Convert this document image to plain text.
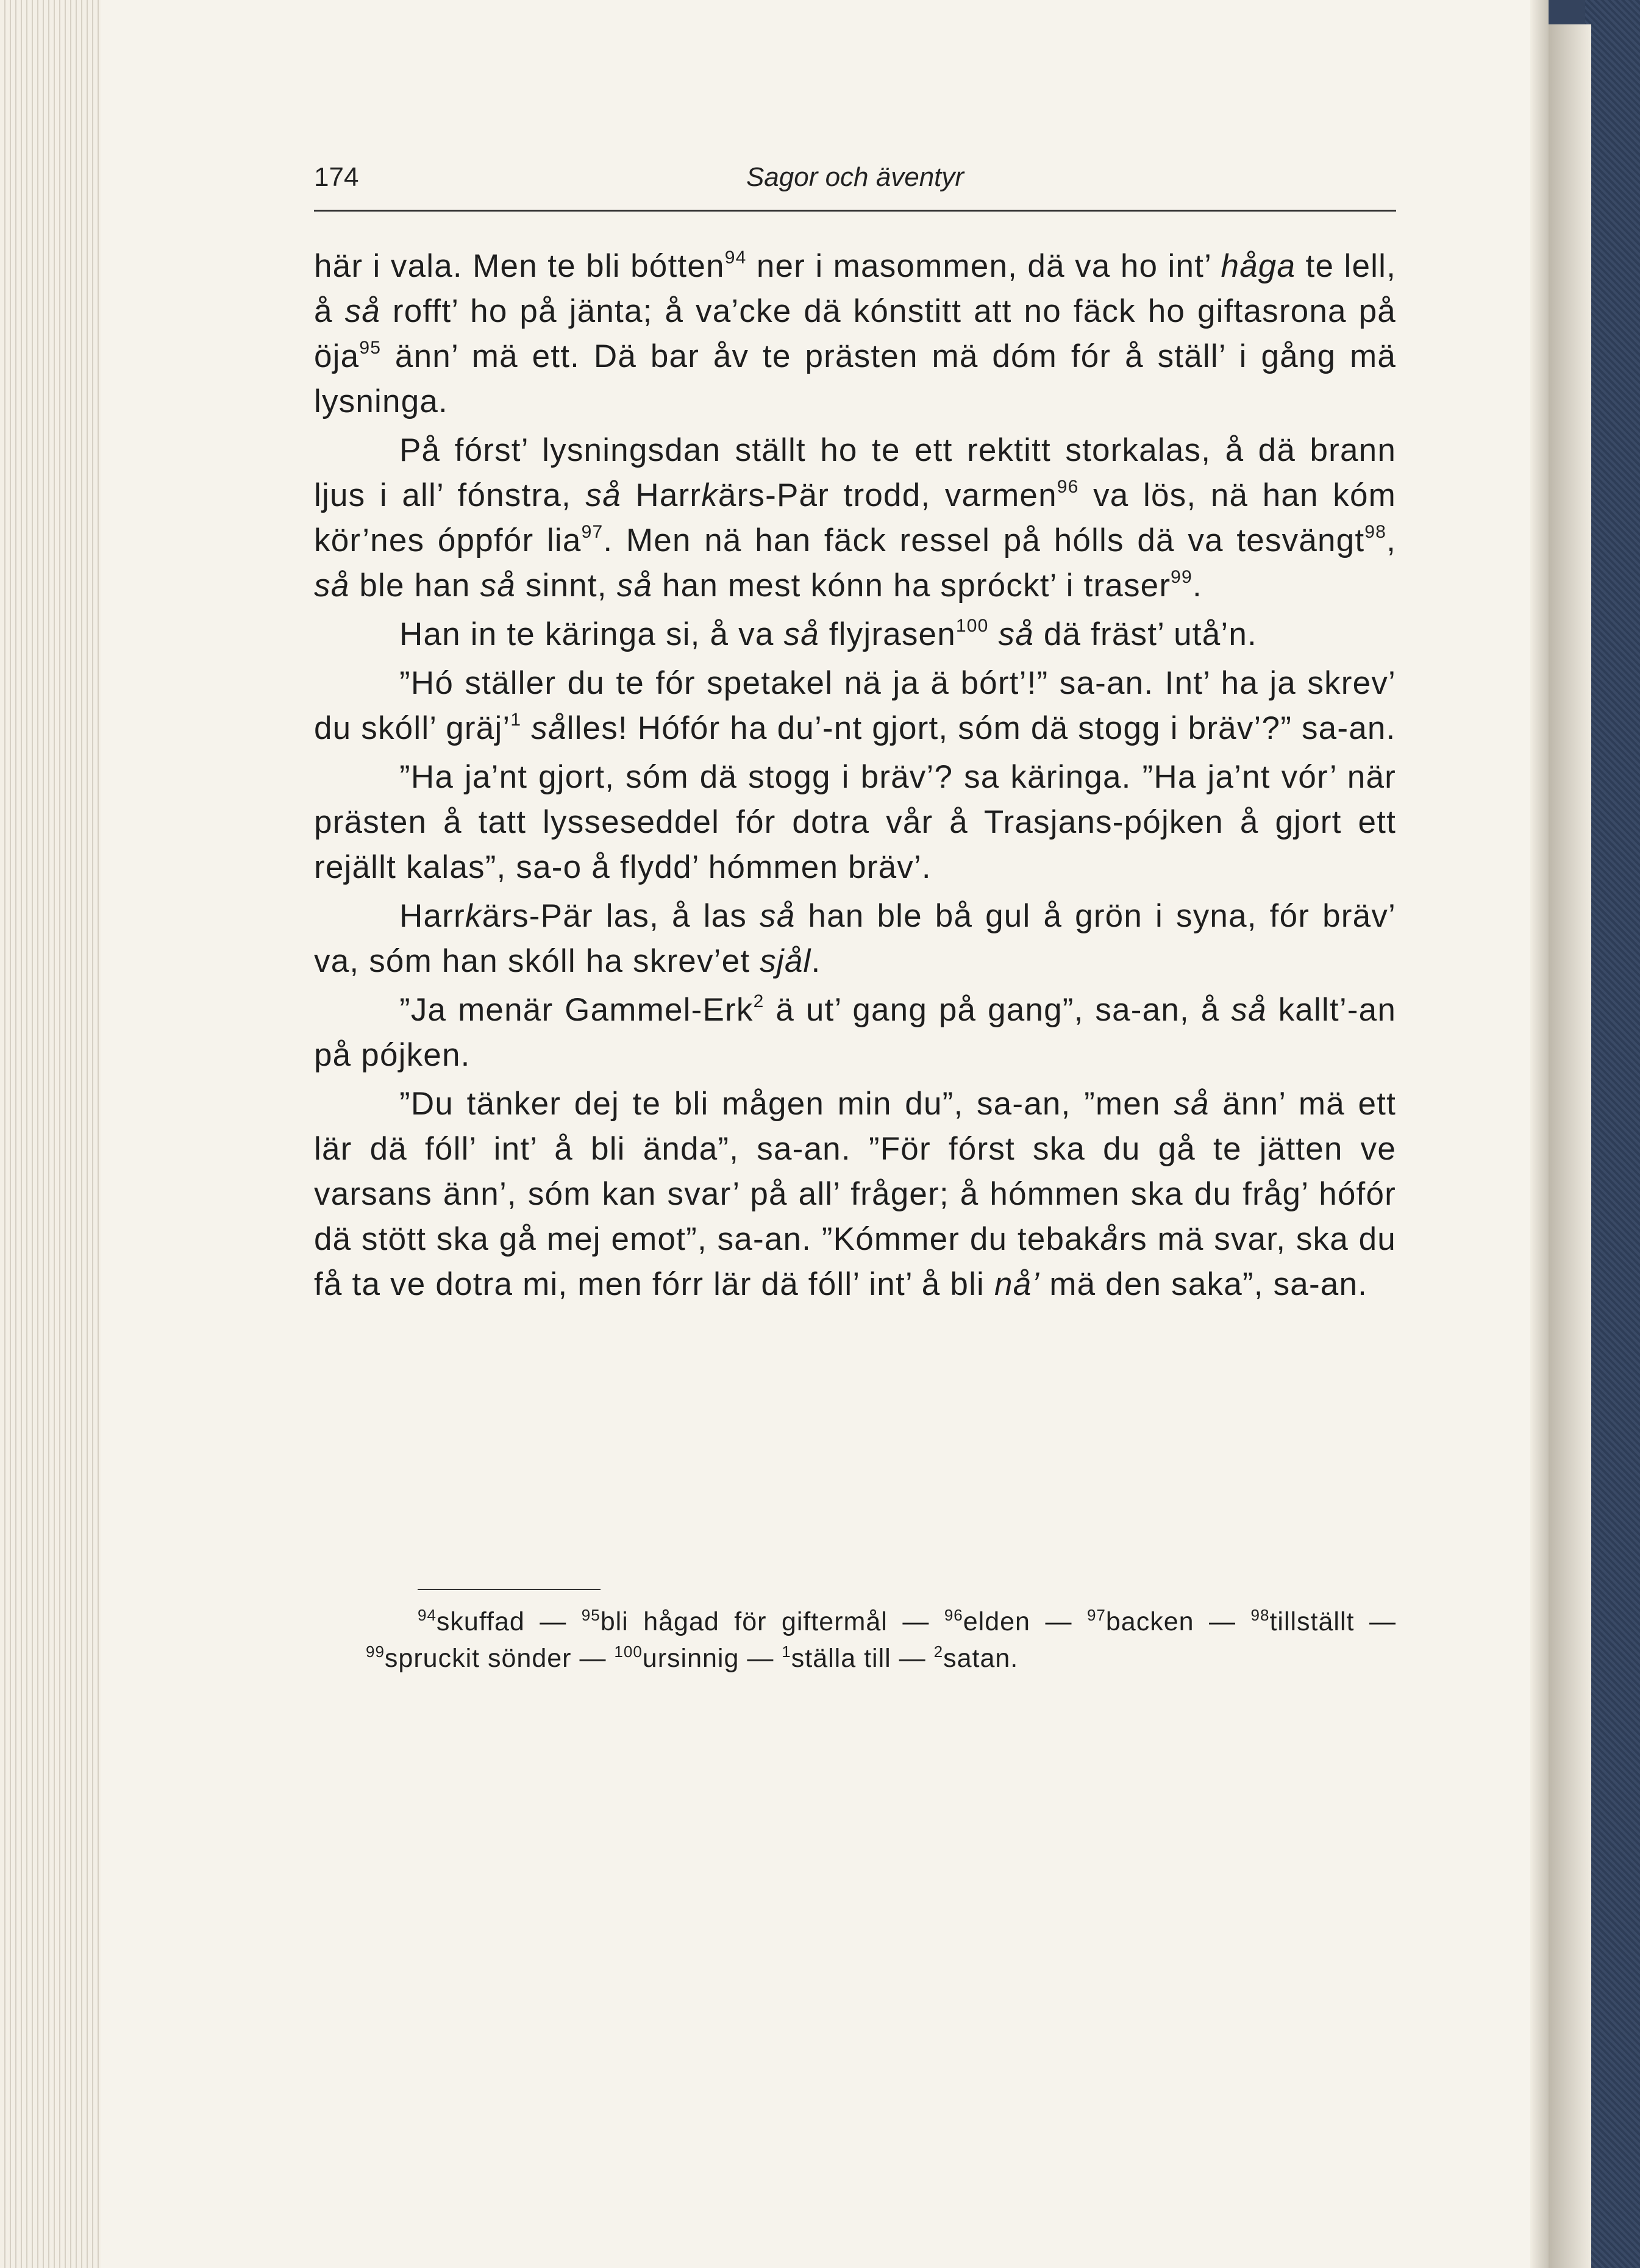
174	Sagor och äventyr

här i vala. Men te bli bótten$^{94}$ ner i masommen, dä va ho int’ håga te lell, å så rofft’ ho på jänta; å va’cke dä kónstitt att no fäck ho giftasrona på öja$^{95}$ änn’ mä ett. Dä bar åv te prästen mä dóm fór å ställ’ i gång mä lysninga.

På fórst’ lysningsdan ställt ho te ett rektitt storkalas, å dä brann ljus i all’ fónstra, så Harrkärs-Pär trodd, varmen$^{96}$ va lös, nä han kóm kör’nes óppfór lia$^{97}$. Men nä han fäck ressel på hólls dä va tesvängt$^{98}$, så ble han så sinnt, så han mest kónn ha spróckt’ i traser$^{99}$.

Han in te käringa si, å va så flyjrasen$^{100}$ så dä fräst’ utå’n.

”Hó ställer du te fór spetakel nä ja ä bórt’!” sa-an. Int’ ha ja skrev’ du skóll’ gräj’$^1$ sålles! Hófór ha du’-nt gjort, sóm dä stogg i bräv’?” sa-an.

”Ha ja’nt gjort, sóm dä stogg i bräv’? sa käringa. ”Ha ja’nt vór’ när prästen å tatt lysseseddel fór dotra vår å Trasjans-pójken å gjort ett rejällt kalas”, sa-o å flydd’ hómmen bräv’.

Harrkärs-Pär las, å las så han ble bå gul å grön i syna, fór bräv’ va, sóm han skóll ha skrev’et sjål.

”Ja menär Gammel-Erk$^2$ ä ut’ gang på gang”, sa-an, å så kallt’-an på pójken.

”Du tänker dej te bli mågen min du”, sa-an, ”men så änn’ mä ett lär dä fóll’ int’ å bli ända”, sa-an. ”För fórst ska du gå te jätten ve varsans änn’, sóm kan svar’ på all’ fråger; å hómmen ska du fråg’ hófór dä stött ska gå mej emot”, sa-an. ”Kómmer du tebakårs mä svar, ska du få ta ve dotra mi, men fórr lär dä fóll’ int’ å bli nå’ mä den saka”, sa-an.

$^{94}$skuffad — $^{95}$bli hågad för giftermål — $^{96}$elden — $^{97}$backen — $^{98}$tillställt — $^{99}$spruckit sönder — $^{100}$ursinnig — $^1$ställa till — $^2$satan.
